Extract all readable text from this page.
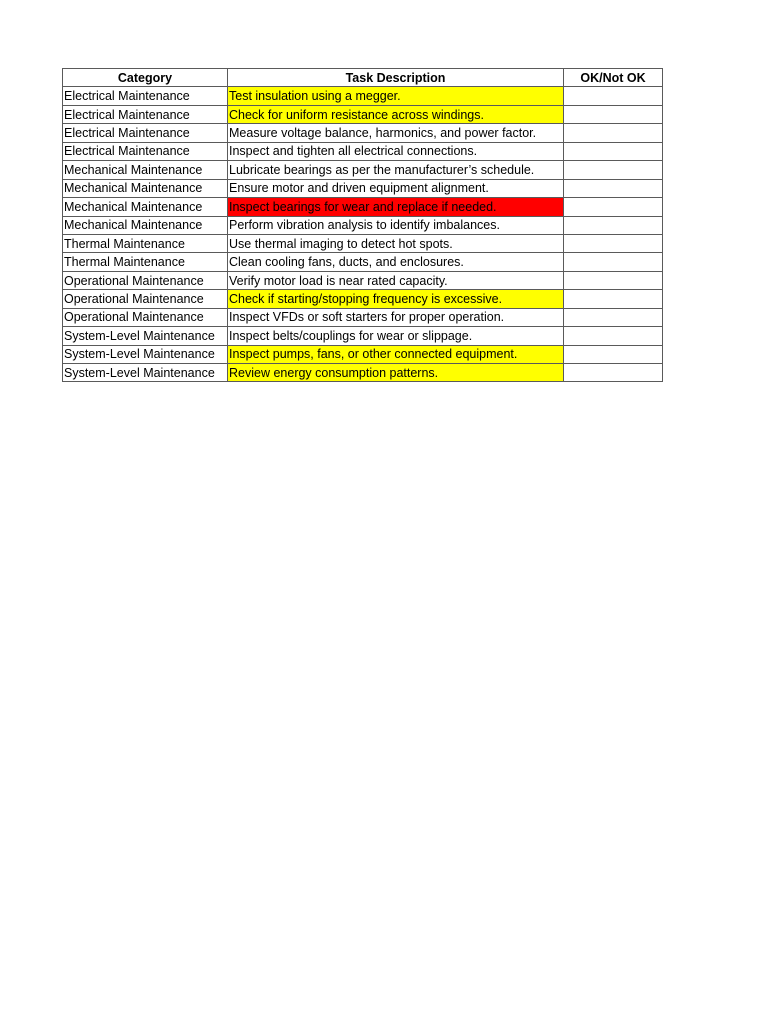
Category	Task Description	OK/Not OK
Electrical Maintenance	Test insulation using a megger.	
Electrical Maintenance	Check for uniform resistance across windings.	
Electrical Maintenance	Measure voltage balance, harmonics, and power factor.	
Electrical Maintenance	Inspect and tighten all electrical connections.	
Mechanical Maintenance	Lubricate bearings as per the manufacturer’s schedule.	
Mechanical Maintenance	Ensure motor and driven equipment alignment.	
Mechanical Maintenance	Inspect bearings for wear and replace if needed.	
Mechanical Maintenance	Perform vibration analysis to identify imbalances.	
Thermal Maintenance	Use thermal imaging to detect hot spots.	
Thermal Maintenance	Clean cooling fans, ducts, and enclosures.	
Operational Maintenance	Verify motor load is near rated capacity.	
Operational Maintenance	Check if starting/stopping frequency is excessive.	
Operational Maintenance	Inspect VFDs or soft starters for proper operation.	
System-Level Maintenance	Inspect belts/couplings for wear or slippage.	
System-Level Maintenance	Inspect pumps, fans, or other connected equipment.	
System-Level Maintenance	Review energy consumption patterns.	
